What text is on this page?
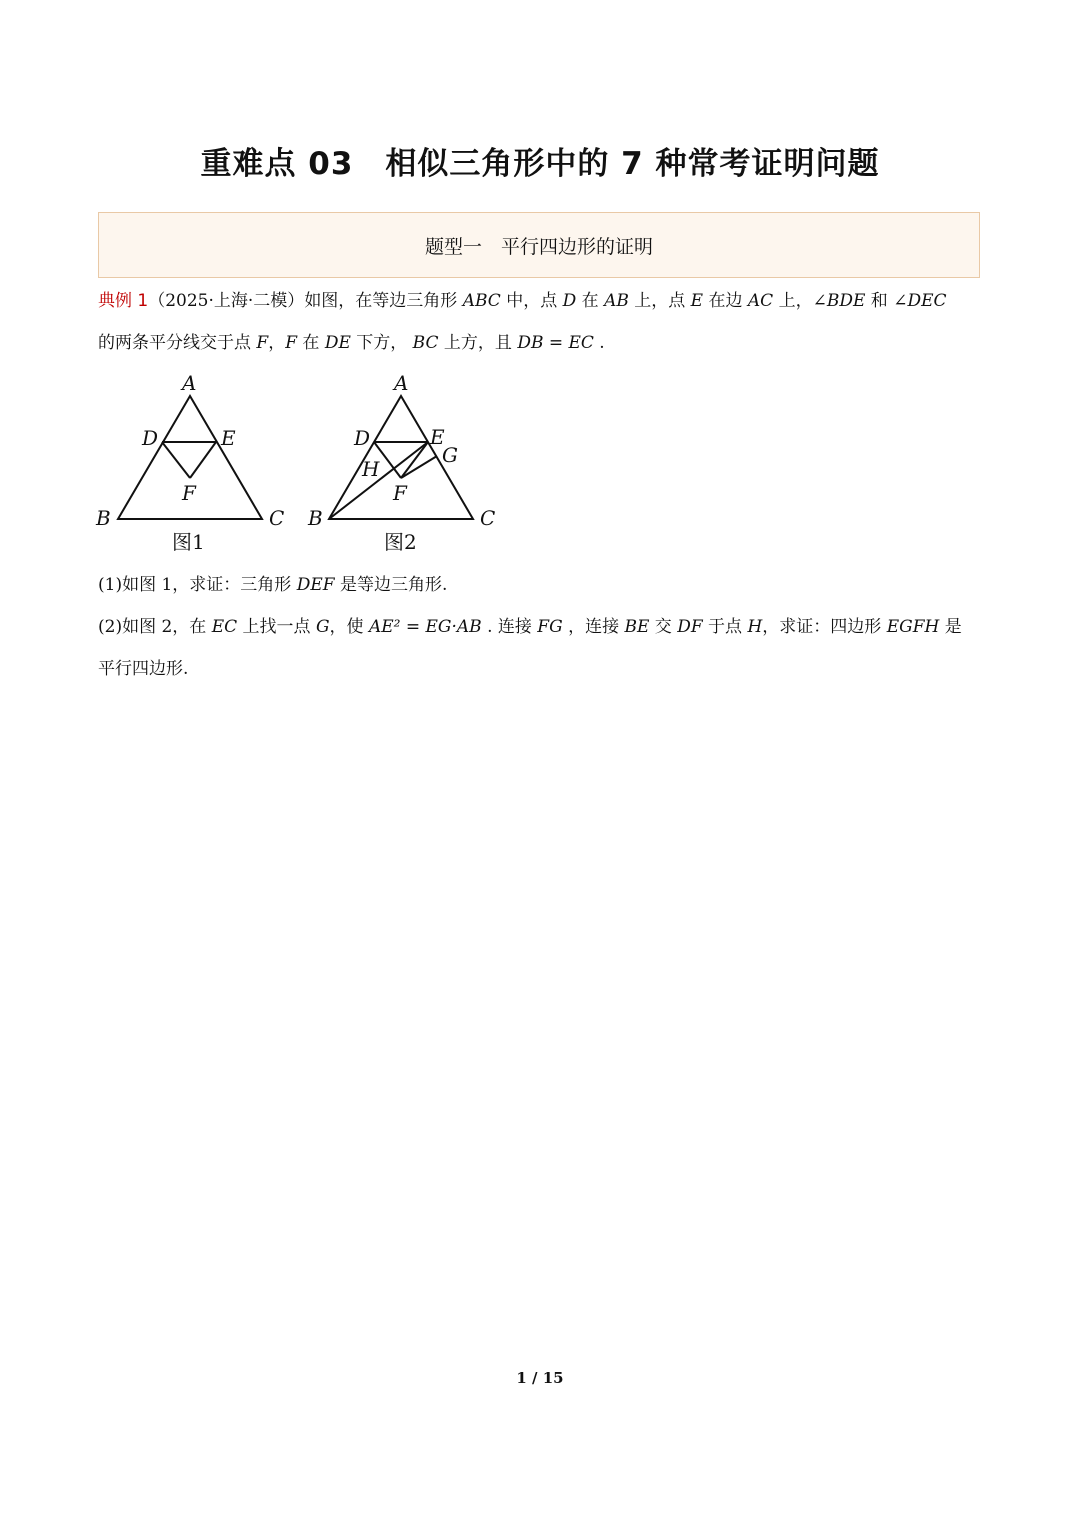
重难点 03　相似三角形中的 7 种常考证明问题
题型一　平行四边形的证明
典例 1（2025·上海·二模）如图，在等边三角形 ABC 中，点 D 在 AB 上，点 E 在边 AC 上，∠BDE 和 ∠DEC
的两条平分线交于点 F，F 在 DE 下方， BC 上方，且 DB = EC .
A
D	E
F
B	C
图1
A
D	E
G
H
F
B	C
图2
(1)如图 1，求证：三角形 DEF 是等边三角形.
(2)如图 2，在 EC 上找一点 G，使 AE² = EG·AB . 连接 FG ，连接 BE 交 DF 于点 H，求证：四边形 EGFH 是
平行四边形.
1 / 15
